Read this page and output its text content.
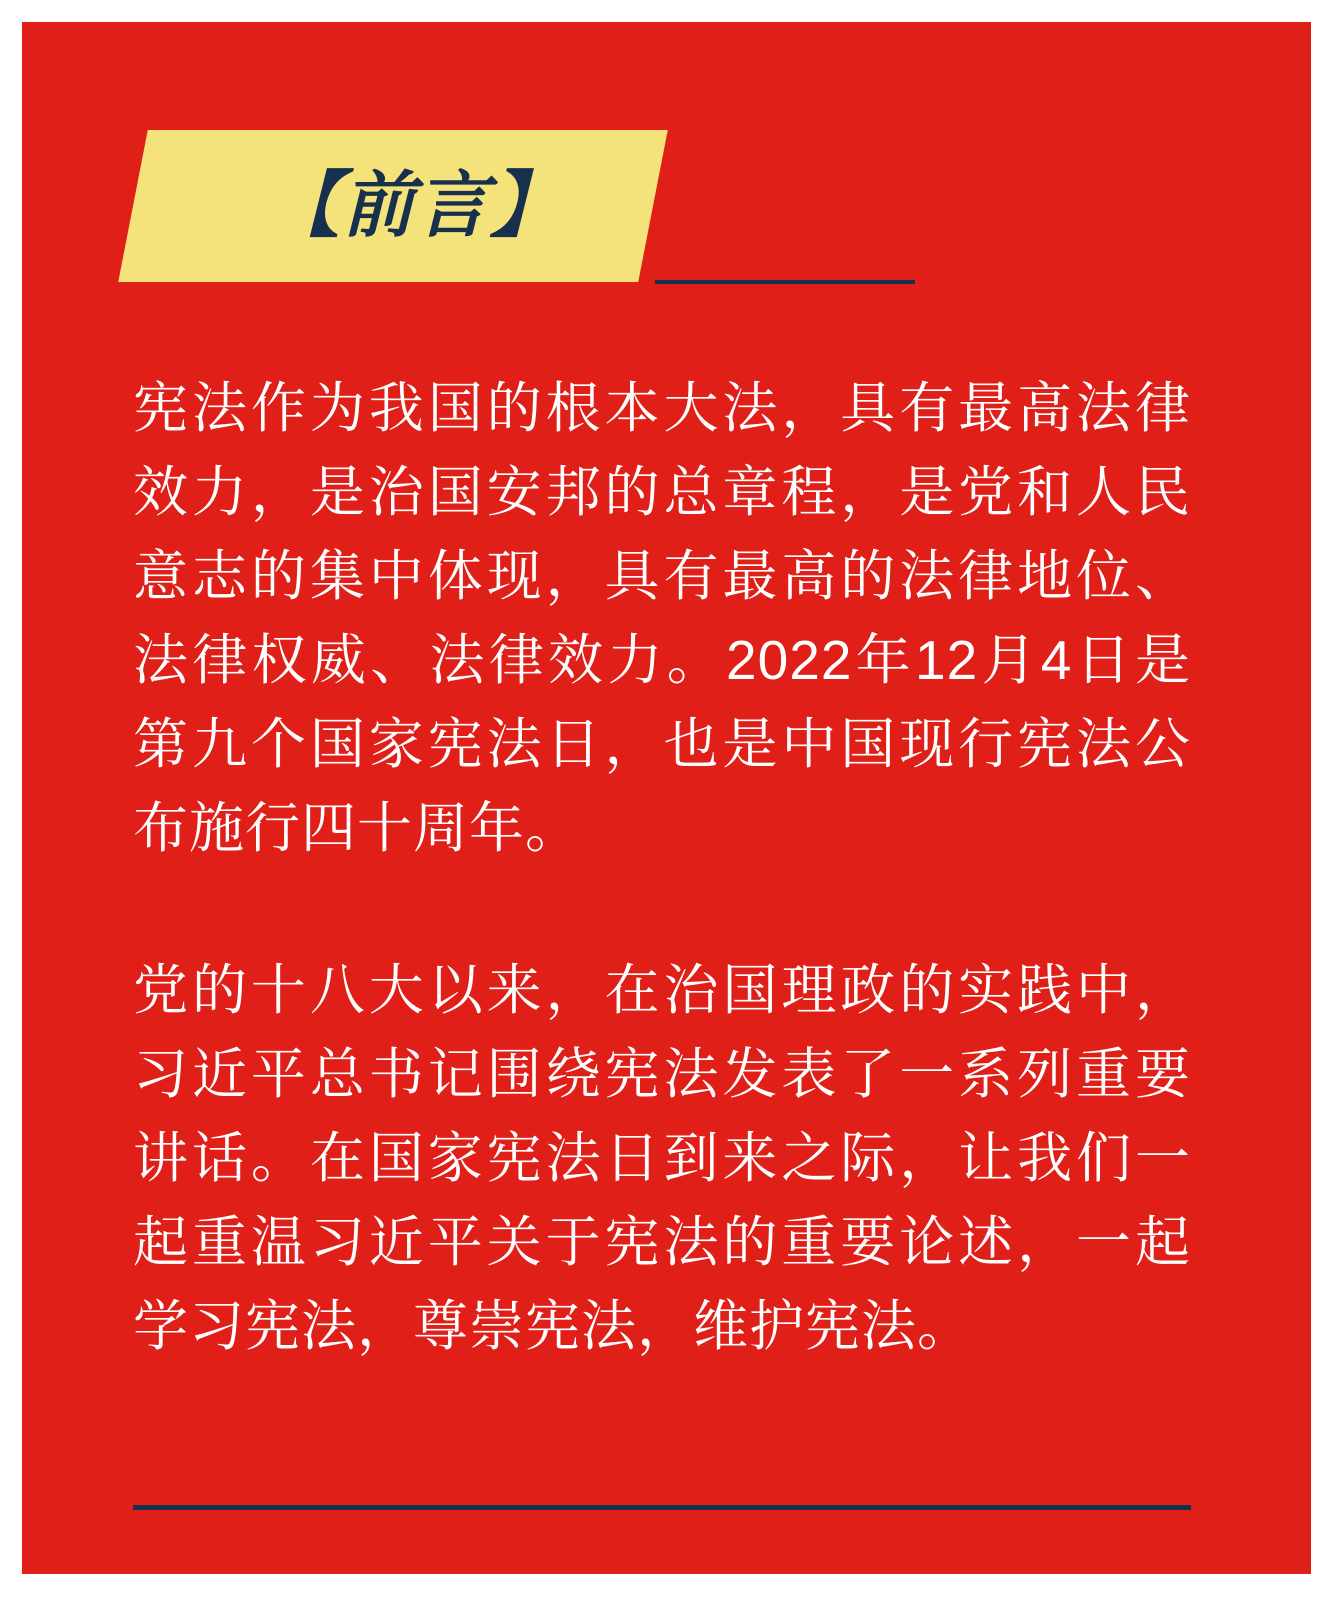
【前言】

宪法作为我国的根本大法，具有最高法律效力，是治国安邦的总章程，是党和人民意志的集中体现，具有最高的法律地位、法律权威、法律效力。2022年12月4日是第九个国家宪法日，也是中国现行宪法公布施行四十周年。

党的十八大以来，在治国理政的实践中，习近平总书记围绕宪法发表了一系列重要讲话。在国家宪法日到来之际，让我们一起重温习近平关于宪法的重要论述，一起学习宪法，尊崇宪法，维护宪法。
